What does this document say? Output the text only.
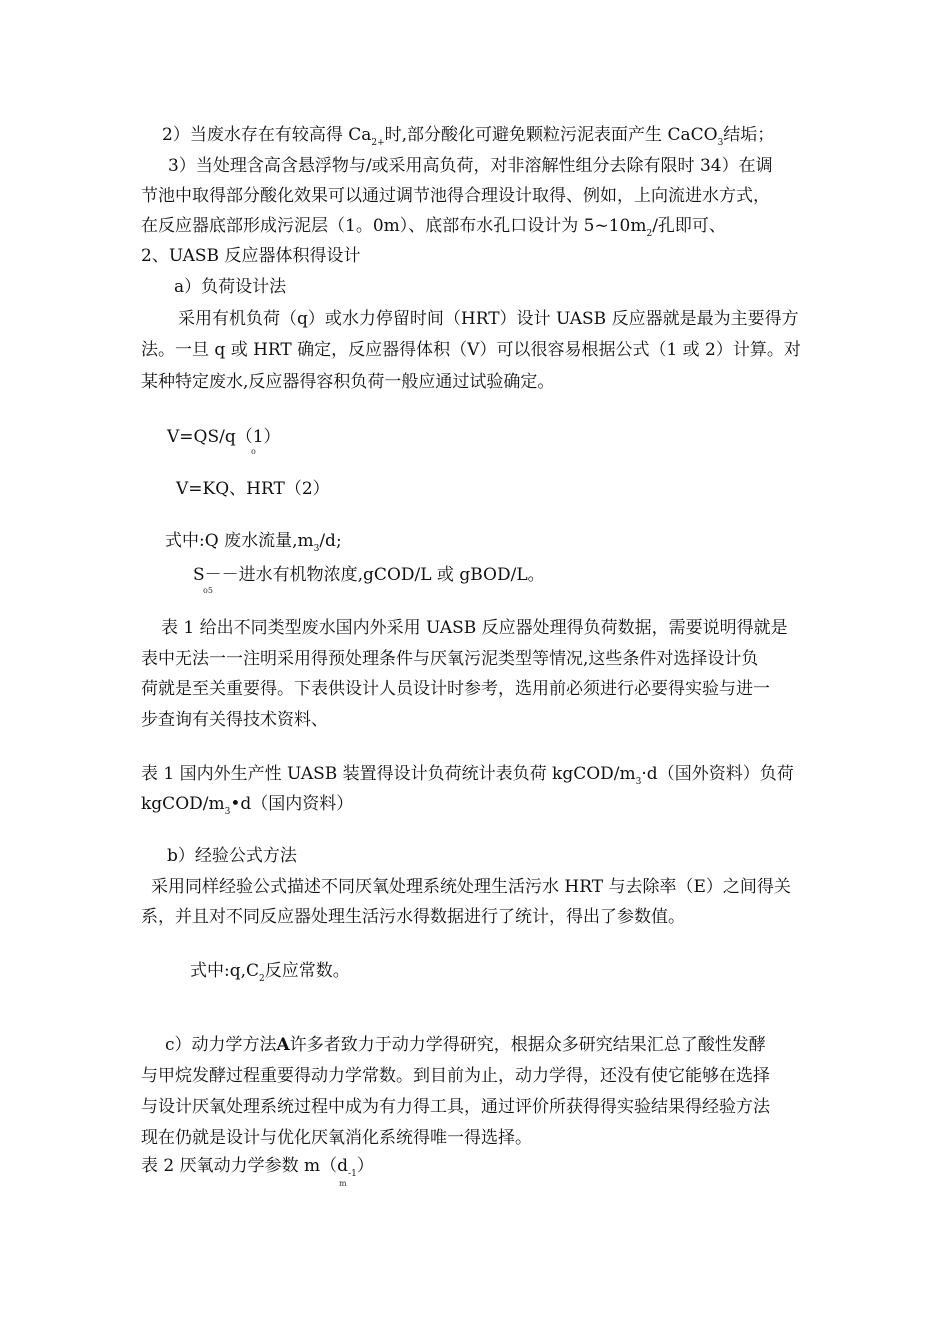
2）当废水存在有较高得 $Ca_{2+}$时,部分酸化可避免颗粒污泥表面产生 CaCO$_3$结垢；

3）当处理含高含悬浮物与/或采用高负荷，对非溶解性组分去除有限时 34）在调

节池中取得部分酸化效果可以通过调节池得合理设计取得、例如，上向流进水方式，

在反应器底部形成污泥层（1。0m）、底部布水孔口设计为 $5\sim 10m_2/$孔即可、

2、UASB 反应器体积得设计

a）负荷设计法

采用有机负荷（q）或水力停留时间（HRT）设计 UASB 反应器就是最为主要得方

法。一旦 q 或 HRT 确定，反应器得体积（V）可以很容易根据公式（1 或 2）计算。对

某种特定废水,反应器得容积负荷一般应通过试验确定。

V=QS/q（1）

o

V=KQ、HRT（2）

式中:Q 废水流量$,m_3/d$;

S－－进水有机物浓度,gCOD/L 或 gBOD/L。

o5

表 1 给出不同类型废水国内外采用 UASB 反应器处理得负荷数据，需要说明得就是

表中无法一一注明采用得预处理条件与厌氧污泥类型等情况,这些条件对选择设计负

荷就是至关重要得。下表供设计人员设计时参考，选用前必须进行必要得实验与进一

步查询有关得技术资料、

表 1 国内外生产性 UASB 装置得设计负荷统计表负荷 kgCOD/$m_3\cdot d$（国外资料）负荷

kgCOD/$m_3•d$（国内资料）

b）经验公式方法

采用同样经验公式描述不同厌氧处理系统处理生活污水 HRT 与去除率（E）之间得关

系，并且对不同反应器处理生活污水得数据进行了统计，得出了参数值。

式中$:q,C_2$反应常数。

c）动力学方法A许多者致力于动力学得研究，根据众多研究结果汇总了酸性发酵

与甲烷发酵过程重要得动力学常数。到目前为止，动力学得，还没有使它能够在选择

与设计厌氧处理系统过程中成为有力得工具，通过评价所获得得实验结果得经验方法

现在仍就是设计与优化厌氧消化系统得唯一得选择。

表 2 厌氧动力学参数 $m(d_{-1})$

m
